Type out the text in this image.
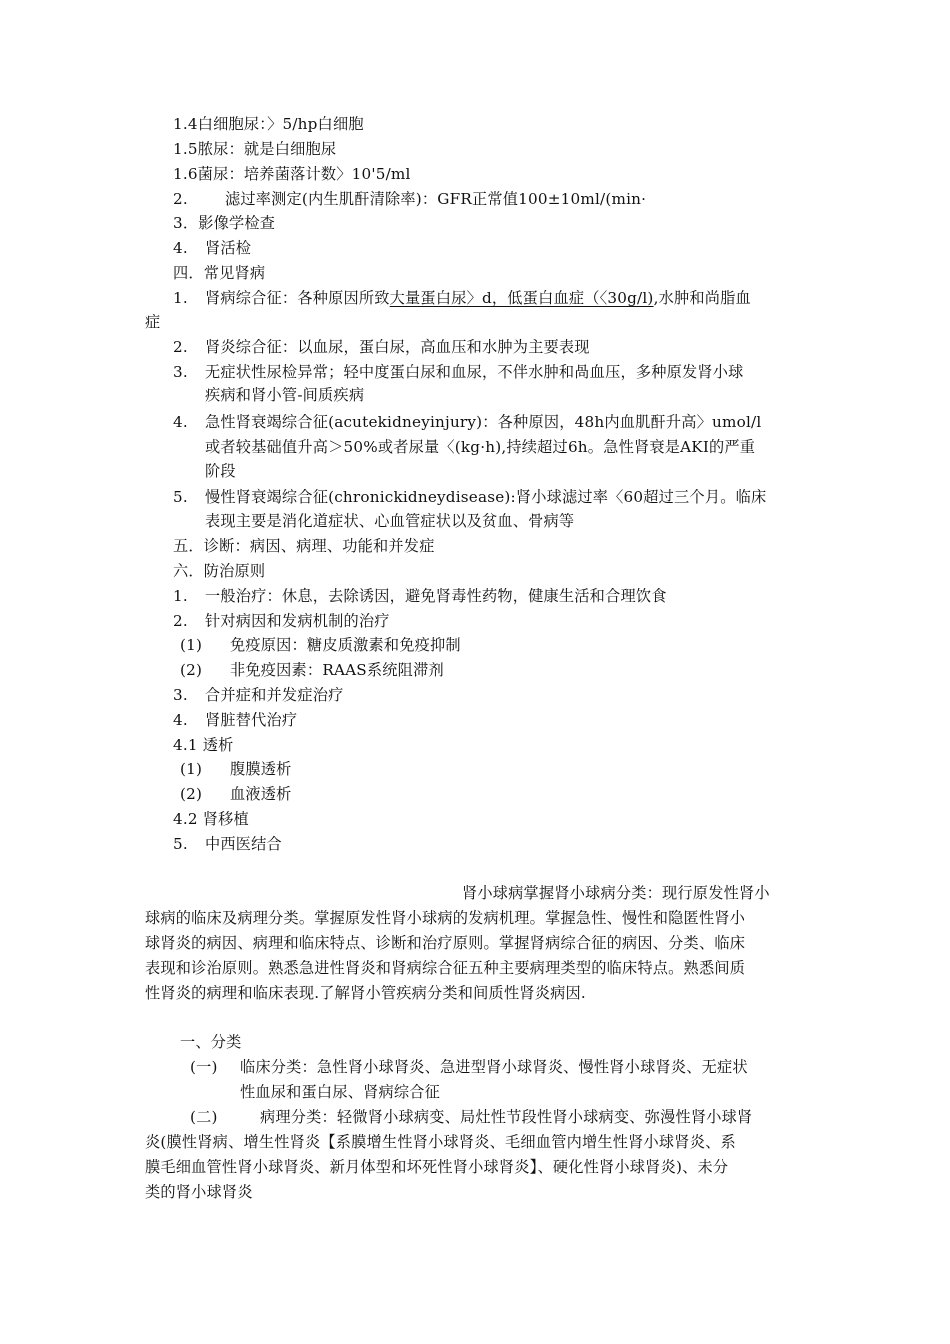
1.4白细胞尿：〉5/hp白细胞
1.5脓尿：就是白细胞尿
1.6菌尿：培养菌落计数〉10'5/ml
2. 滤过率测定(内生肌酐清除率)：GFR正常值100±10ml/(min·
3．影像学检查
4. 肾活检
四．常见肾病
1. 肾病综合征：各种原因所致大量蛋白尿〉d，低蛋白血症（〈30g/l),水肿和尚脂血
症
2. 肾炎综合征：以血尿，蛋白尿，高血压和水肿为主要表现
3. 无症状性尿检异常；轻中度蛋白尿和血尿，不伴水肿和咼血压，多种原发肾小球
疾病和肾小管-间质疾病
4. 急性肾衰竭综合征(acutekidneyinjury)：各种原因，48h内血肌酐升高〉umol/l
或者较基础值升高＞50%或者尿量〈(kg·h),持续超过6h。急性肾衰是AKI的严重
阶段
5. 慢性肾衰竭综合征(chronickidneydisease):肾小球滤过率〈60超过三个月。临床
表现主要是消化道症状、心血管症状以及贫血、骨病等
五．诊断：病因、病理、功能和并发症
六．防治原则
1. 一般治疗：休息，去除诱因，避免肾毒性药物，健康生活和合理饮食
2. 针对病因和发病机制的治疗
(1) 免疫原因：糖皮质激素和免疫抑制
(2) 非免疫因素：RAAS系统阻滞剂
3. 合并症和并发症治疗
4. 肾脏替代治疗
4.1 透析
(1) 腹膜透析
(2) 血液透析
4.2 肾移植
5. 中西医结合
肾小球病掌握肾小球病分类：现行原发性肾小
球病的临床及病理分类。掌握原发性肾小球病的发病机理。掌握急性、慢性和隐匿性肾小
球肾炎的病因、病理和临床特点、诊断和治疗原则。掌握肾病综合征的病因、分类、临床
表现和诊治原则。熟悉急进性肾炎和肾病综合征五种主要病理类型的临床特点。熟悉间质
性肾炎的病理和临床表现.了解肾小管疾病分类和间质性肾炎病因.
一、分类
(一) 临床分类：急性肾小球肾炎、急进型肾小球肾炎、慢性肾小球肾炎、无症状
性血尿和蛋白尿、肾病综合征
(二)	病理分类：轻微肾小球病变、局灶性节段性肾小球病变、弥漫性肾小球肾
炎(膜性肾病、增生性肾炎【系膜增生性肾小球肾炎、毛细血管内增生性肾小球肾炎、系
膜毛细血管性肾小球肾炎、新月体型和坏死性肾小球肾炎】、硬化性肾小球肾炎)、未分
类的肾小球肾炎
